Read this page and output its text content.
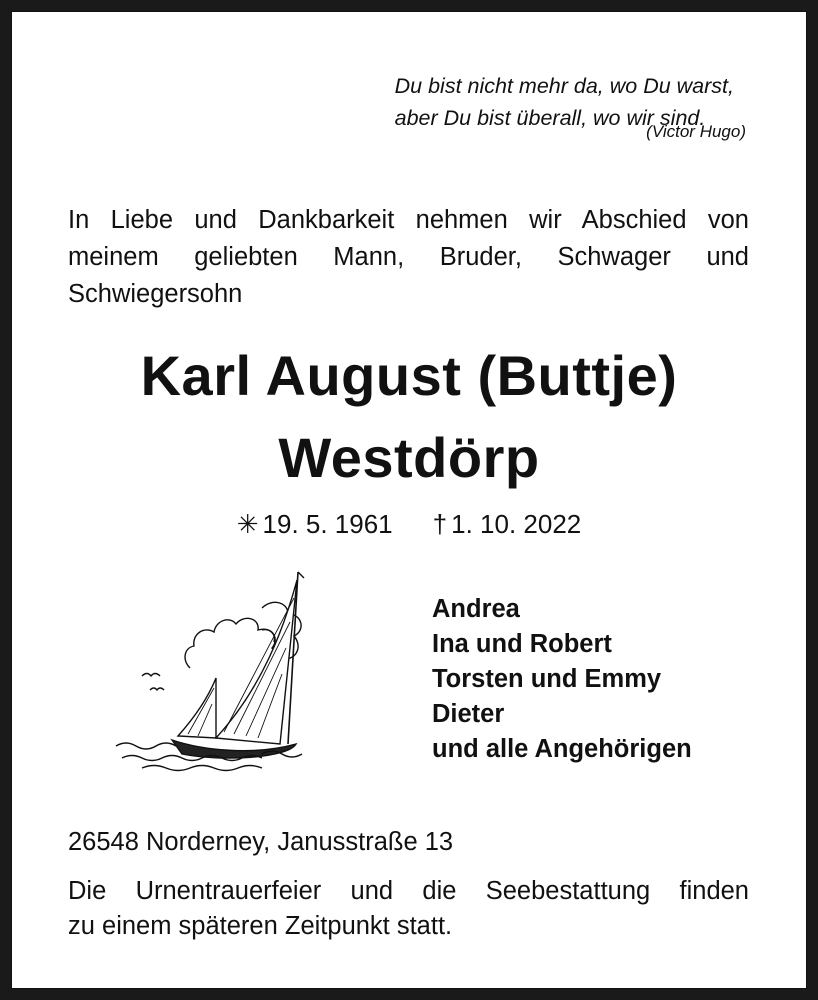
Du bist nicht mehr da, wo Du warst,
aber Du bist überall, wo wir sind.
(Victor Hugo)
In Liebe und Dankbarkeit nehmen wir Abschied von
meinem geliebten Mann, Bruder, Schwager und
Schwiegersohn
Karl August (Buttje)
Westdörp
✳ 19. 5. 1961 † 1. 10. 2022
Andrea
Ina und Robert
Torsten und Emmy
Dieter
und alle Angehörigen
26548 Norderney, Janusstraße 13
Die Urnentrauerfeier und die Seebestattung finden
zu einem späteren Zeitpunkt statt.
